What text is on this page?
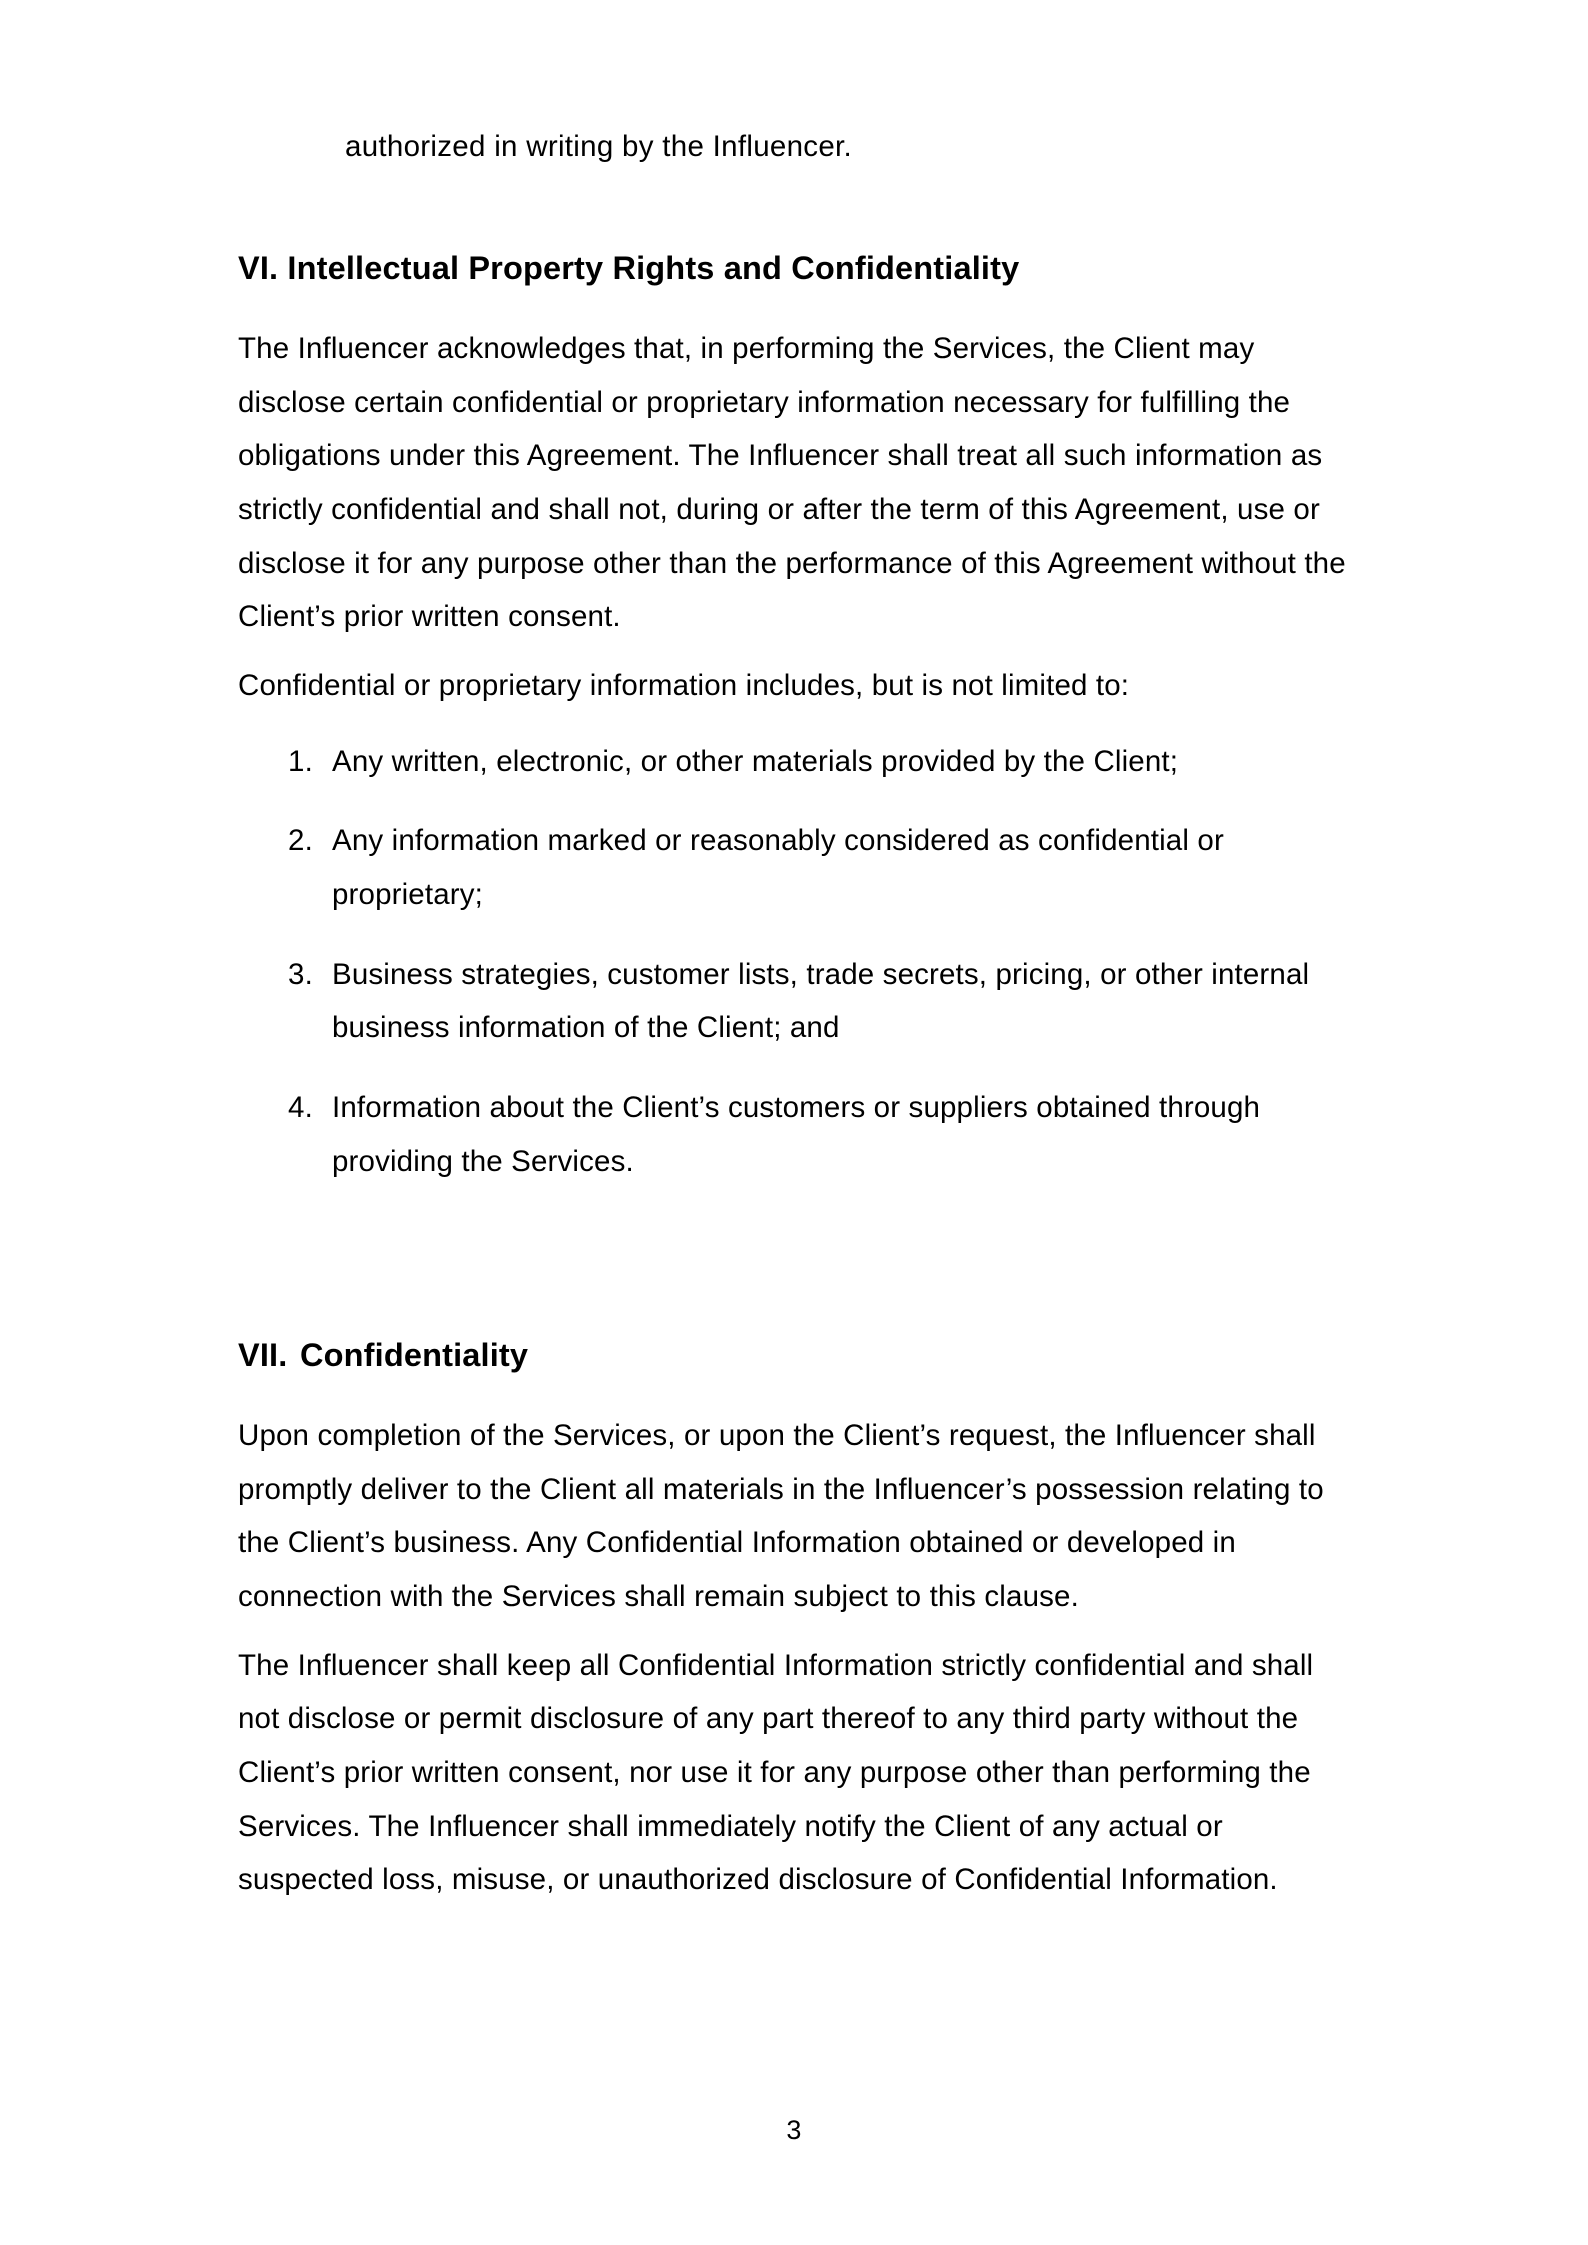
authorized in writing by the Influencer.

VI. Intellectual Property Rights and Confidentiality

The Influencer acknowledges that, in performing the Services, the Client may disclose certain confidential or proprietary information necessary for fulfilling the obligations under this Agreement. The Influencer shall treat all such information as strictly confidential and shall not, during or after the term of this Agreement, use or disclose it for any purpose other than the performance of this Agreement without the Client’s prior written consent.

Confidential or proprietary information includes, but is not limited to:

Any written, electronic, or other materials provided by the Client;
Any information marked or reasonably considered as confidential or proprietary;
Business strategies, customer lists, trade secrets, pricing, or other internal business information of the Client; and
Information about the Client’s customers or suppliers obtained through providing the Services.
VII. Confidentiality

Upon completion of the Services, or upon the Client’s request, the Influencer shall promptly deliver to the Client all materials in the Influencer’s possession relating to the Client’s business. Any Confidential Information obtained or developed in connection with the Services shall remain subject to this clause.

The Influencer shall keep all Confidential Information strictly confidential and shall not disclose or permit disclosure of any part thereof to any third party without the Client’s prior written consent, nor use it for any purpose other than performing the Services. The Influencer shall immediately notify the Client of any actual or suspected loss, misuse, or unauthorized disclosure of Confidential Information.

3
